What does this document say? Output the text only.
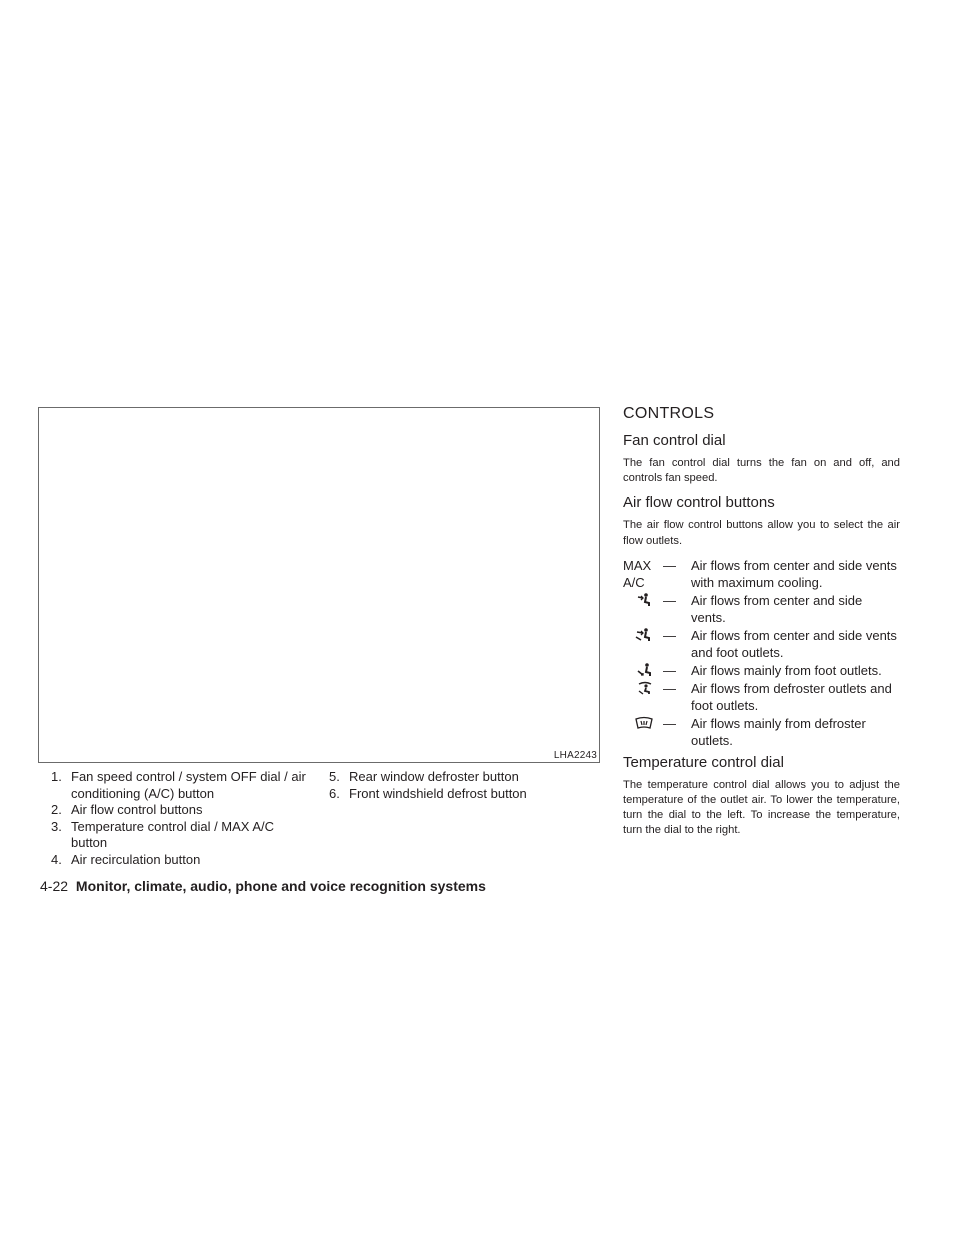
LHA2243
1. Fan speed control / system OFF dial / air conditioning (A/C) button
2. Air flow control buttons
3. Temperature control dial / MAX A/C button
4. Air recirculation button
5. Rear window defroster button
6. Front windshield defrost button
CONTROLS
Fan control dial

The fan control dial turns the fan on and off, and controls fan speed.

Air flow control buttons

The air flow control buttons allow you to select the air flow outlets.

MAX A/C
— Air flows from center and side vents with maximum cooling.
— Air flows from center and side vents.
— Air flows from center and side vents and foot outlets.
— Air flows mainly from foot outlets.
— Air flows from defroster outlets and foot outlets.
— Air flows mainly from defroster outlets.
Temperature control dial

The temperature control dial allows you to adjust the temperature of the outlet air. To lower the temperature, turn the dial to the left. To increase the temperature, turn the dial to the right.

4-22 Monitor, climate, audio, phone and voice recognition systems
